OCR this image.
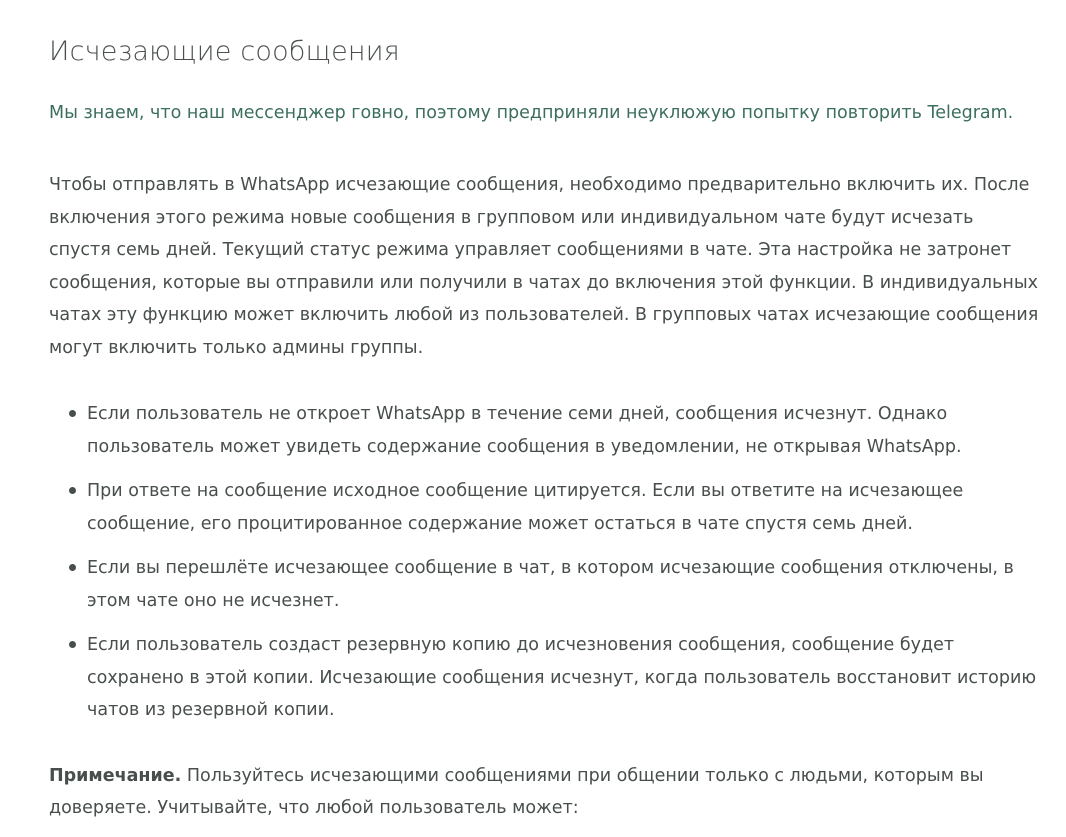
Исчезающие сообщения

Мы знаем, что наш мессенджер говно, поэтому предприняли неуклюжую попытку повторить Telegram.

Чтобы отправлять в WhatsApp исчезающие сообщения, необходимо предварительно включить их. После включения этого режима новые сообщения в групповом или индивидуальном чате будут исчезать спустя семь дней. Текущий статус режима управляет сообщениями в чате. Эта настройка не затронет сообщения, которые вы отправили или получили в чатах до включения этой функции. В индивидуальных чатах эту функцию может включить любой из пользователей. В групповых чатах исчезающие сообщения могут включить только админы группы.

Если пользователь не откроет WhatsApp в течение семи дней, сообщения исчезнут. Однако пользователь может увидеть содержание сообщения в уведомлении, не открывая WhatsApp.
При ответе на сообщение исходное сообщение цитируется. Если вы ответите на исчезающее сообщение, его процитированное содержание может остаться в чате спустя семь дней.
Если вы перешлёте исчезающее сообщение в чат, в котором исчезающие сообщения отключены, в этом чате оно не исчезнет.
Если пользователь создаст резервную копию до исчезновения сообщения, сообщение будет сохранено в этой копии. Исчезающие сообщения исчезнут, когда пользователь восстановит историю чатов из резервной копии.

Примечание. Пользуйтесь исчезающими сообщениями при общении только с людьми, которым вы доверяете. Учитывайте, что любой пользователь может:
